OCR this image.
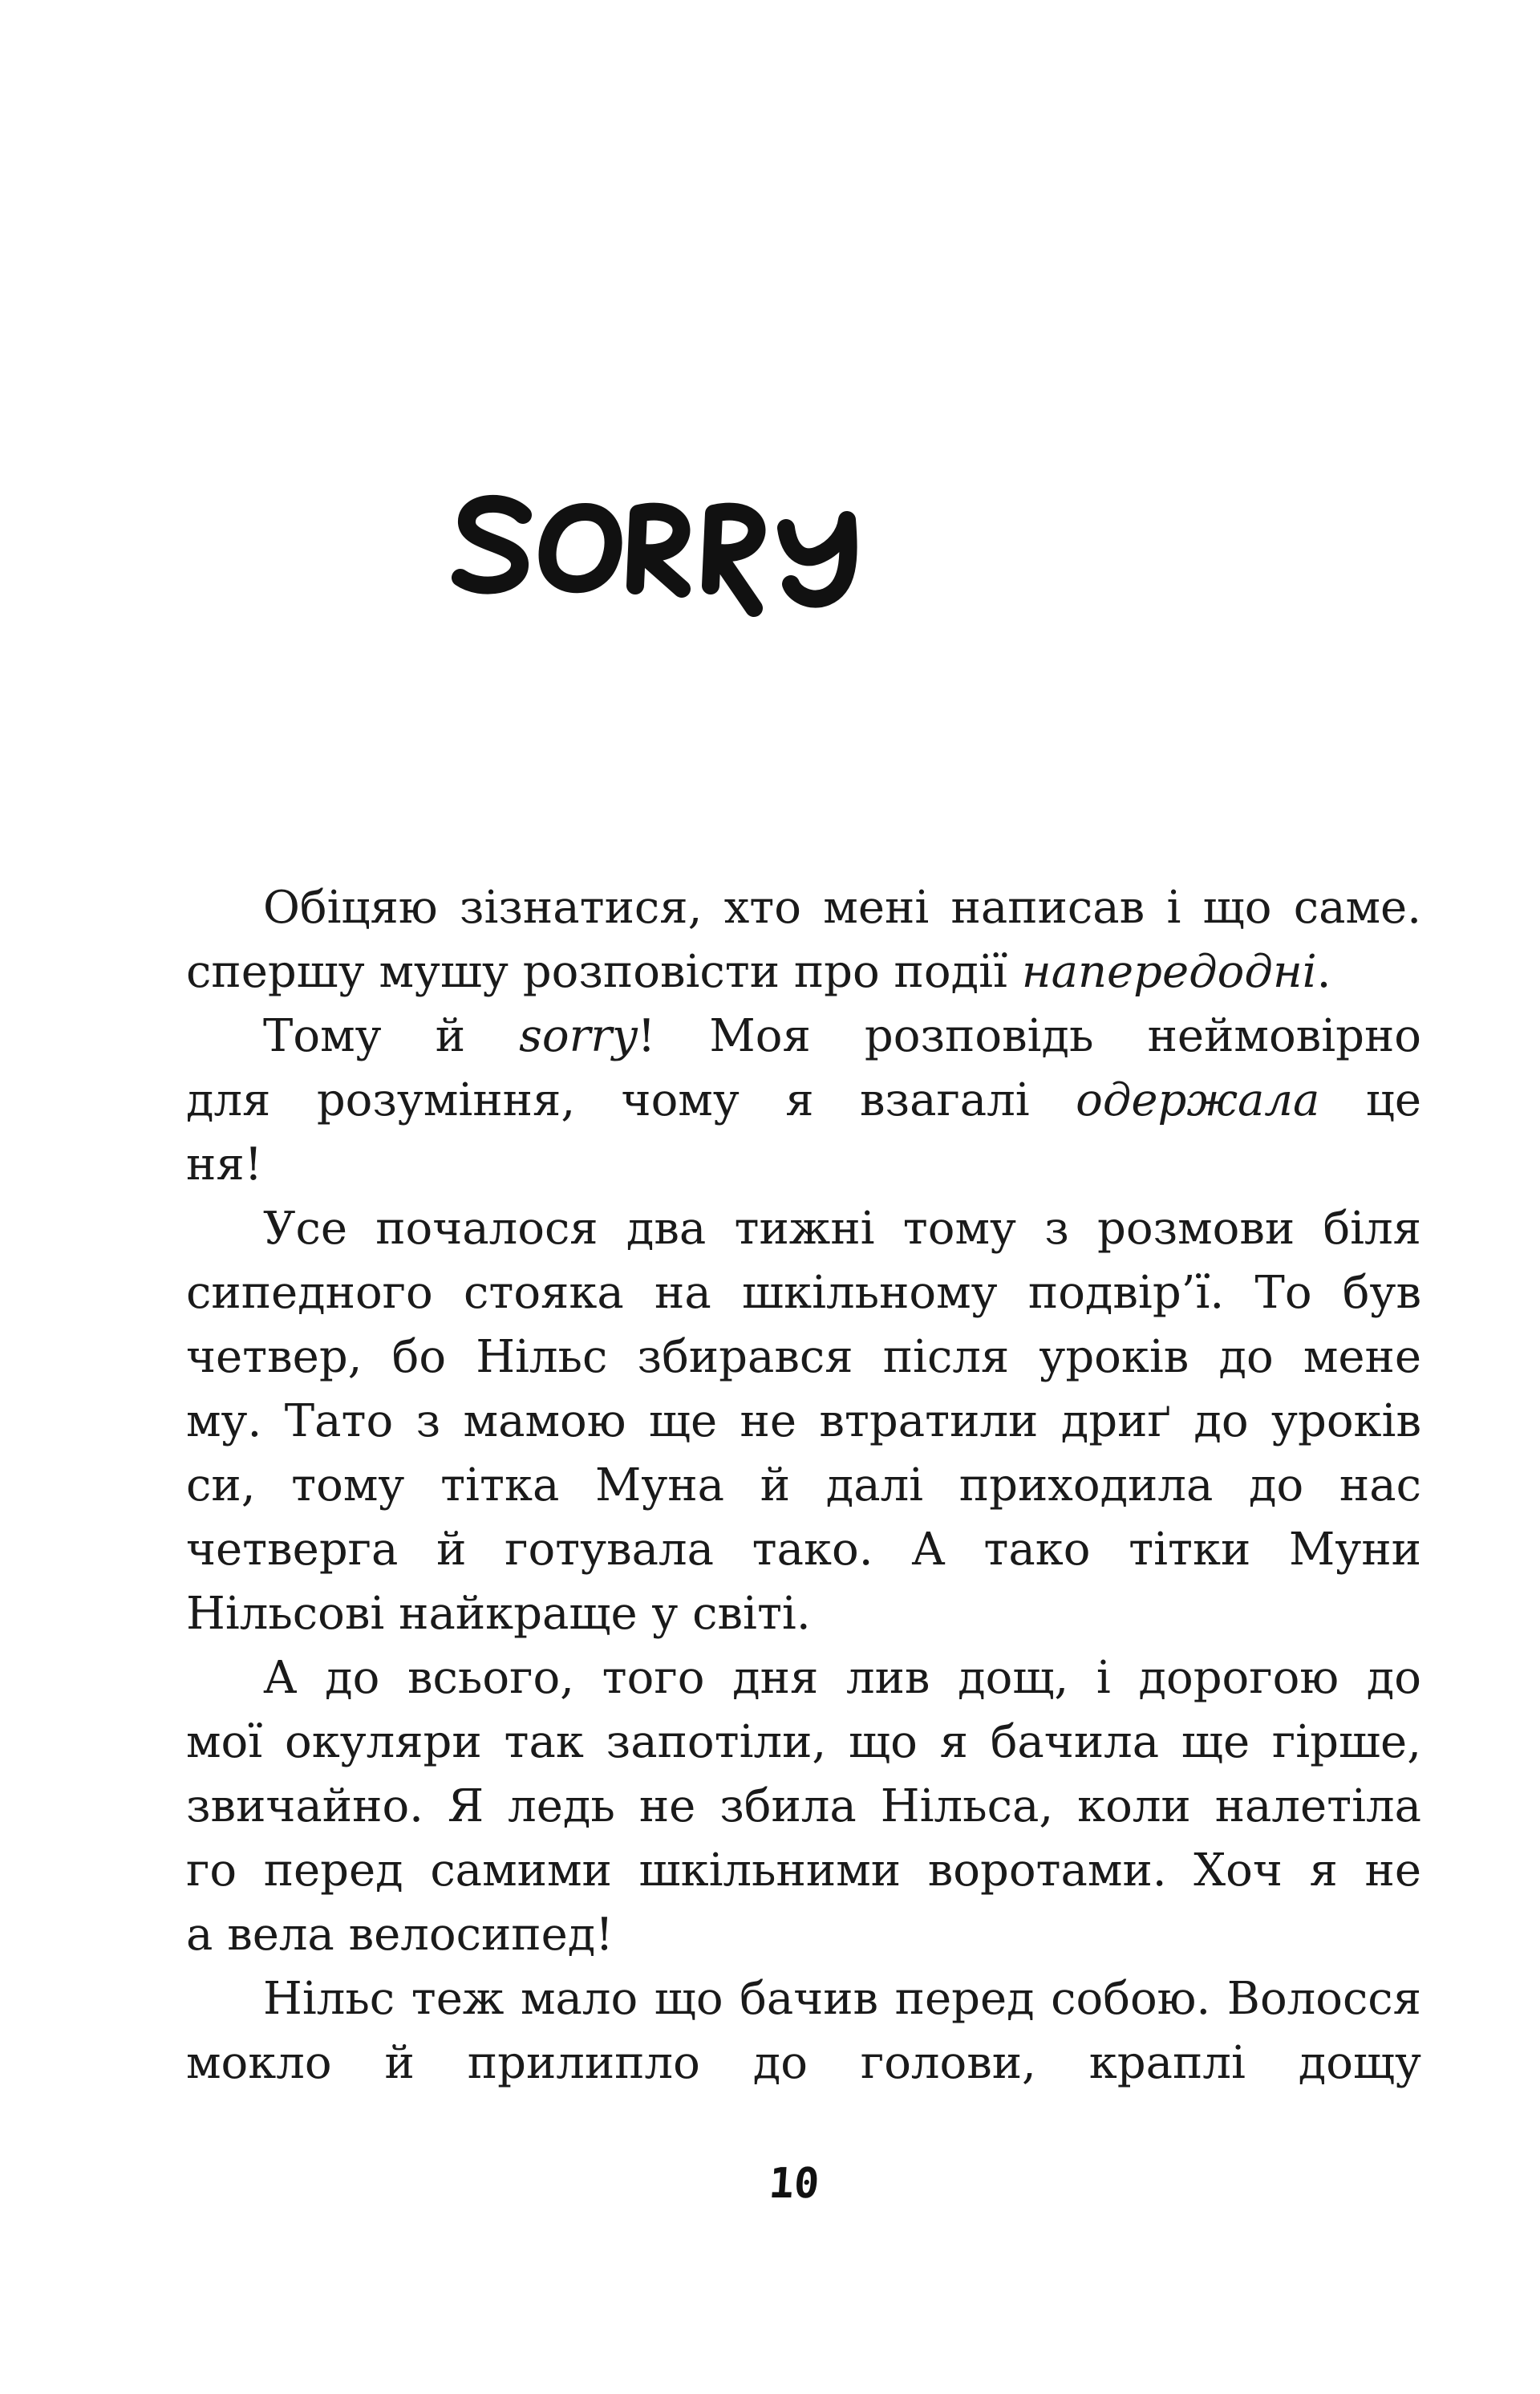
Обіцяю зізнатися, хто мені написав і що саме.
спершу мушу розповісти про події напередодні.
Тому й sorry! Моя розповідь неймовірно
для розуміння, чому я взагалі одержала це
ня!
Усе почалося два тижні тому з розмови біля
сипедного стояка на шкільному подвір’ї. То був
четвер, бо Нільс збирався після уроків до мене
му. Тато з мамою ще не втратили дриґ до уроків
си, тому тітка Муна й далі приходила до нас
четверга й готувала тако. А тако тітки Муни
Нільсові найкраще у світі.
А до всього, того дня лив дощ, і дорогою до
мої окуляри так запотіли, що я бачила ще гірше,
звичайно. Я ледь не збила Нільса, коли налетіла
го перед самими шкільними воротами. Хоч я не
а вела велосипед!
Нільс теж мало що бачив перед собою. Волосся
мокло й прилипло до голови, краплі дощу
10
